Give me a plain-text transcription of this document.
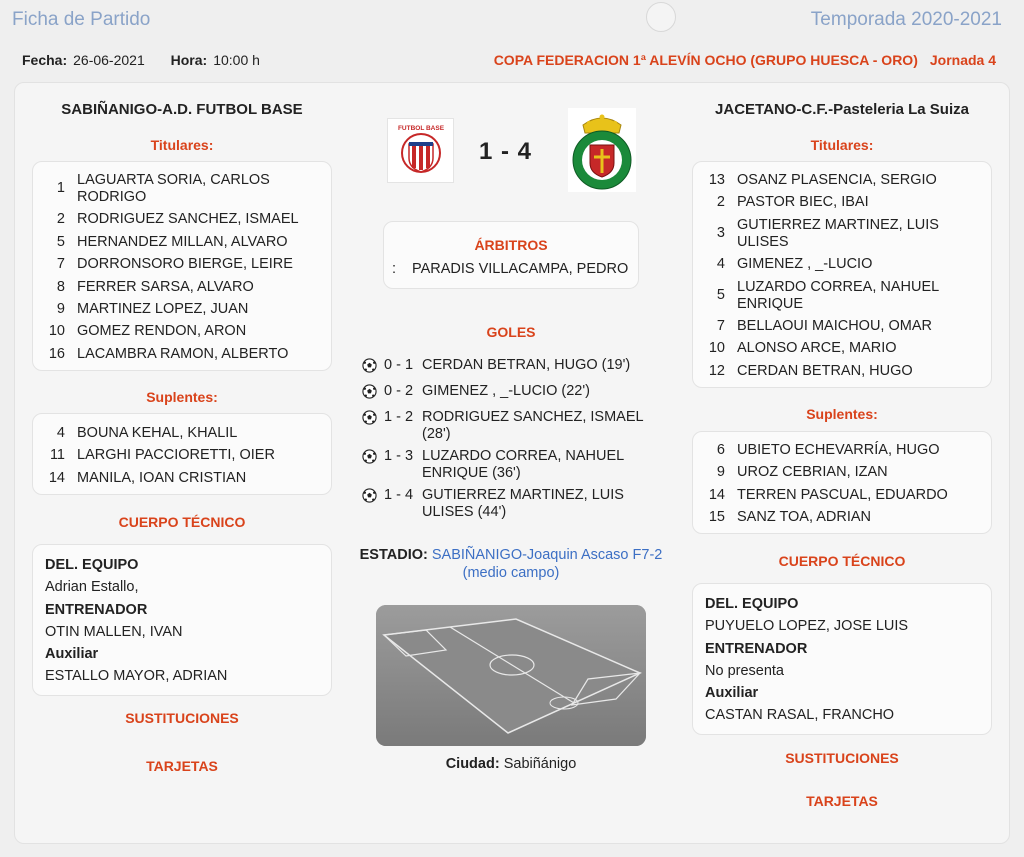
Ficha de Partido	Temporada 2020-2021
Fecha: 26-06-2021 Hora: 10:00 h	COPA FEDERACION 1ª ALEVÍN OCHO (GRUPO HUESCA - ORO) Jornada 4
SABIÑANIGO-A.D. FUTBOL BASE
Titulares:
1 LAGUARTA SORIA, CARLOS RODRIGO
2 RODRIGUEZ SANCHEZ, ISMAEL
5 HERNANDEZ MILLAN, ALVARO
7 DORRONSORO BIERGE, LEIRE
8 FERRER SARSA, ALVARO
9 MARTINEZ LOPEZ, JUAN
10 GOMEZ RENDON, ARON
16 LACAMBRA RAMON, ALBERTO
Suplentes:
4 BOUNA KEHAL, KHALIL
11 LARGHI PACCIORETTI, OIER
14 MANILA, IOAN CRISTIAN
CUERPO TÉCNICO
DEL. EQUIPO
Adrian Estallo,
ENTRENADOR
OTIN MALLEN, IVAN
Auxiliar
ESTALLO MAYOR, ADRIAN
SUSTITUCIONES
TARJETAS
FUTBOL BASE
1 - 4
ÁRBITROS
:	PARADIS VILLACAMPA, PEDRO
GOLES
0 - 1 CERDAN BETRAN, HUGO (19')
0 - 2 GIMENEZ , _-LUCIO (22')
1 - 2 RODRIGUEZ SANCHEZ, ISMAEL (28')
1 - 3 LUZARDO CORREA, NAHUEL ENRIQUE (36')
1 - 4 GUTIERREZ MARTINEZ, LUIS ULISES (44')
ESTADIO: SABIÑANIGO-Joaquin Ascaso F7-2 (medio campo)
Ciudad: Sabiñánigo
JACETANO-C.F.-Pasteleria La Suiza
Titulares:
13 OSANZ PLASENCIA, SERGIO
2 PASTOR BIEC, IBAI
3 GUTIERREZ MARTINEZ, LUIS ULISES
4 GIMENEZ , _-LUCIO
5 LUZARDO CORREA, NAHUEL ENRIQUE
7 BELLAOUI MAICHOU, OMAR
10 ALONSO ARCE, MARIO
12 CERDAN BETRAN, HUGO
Suplentes:
6 UBIETO ECHEVARRÍA, HUGO
9 UROZ CEBRIAN, IZAN
14 TERREN PASCUAL, EDUARDO
15 SANZ TOA, ADRIAN
CUERPO TÉCNICO
DEL. EQUIPO
PUYUELO LOPEZ, JOSE LUIS
ENTRENADOR
No presenta
Auxiliar
CASTAN RASAL, FRANCHO
SUSTITUCIONES
TARJETAS
